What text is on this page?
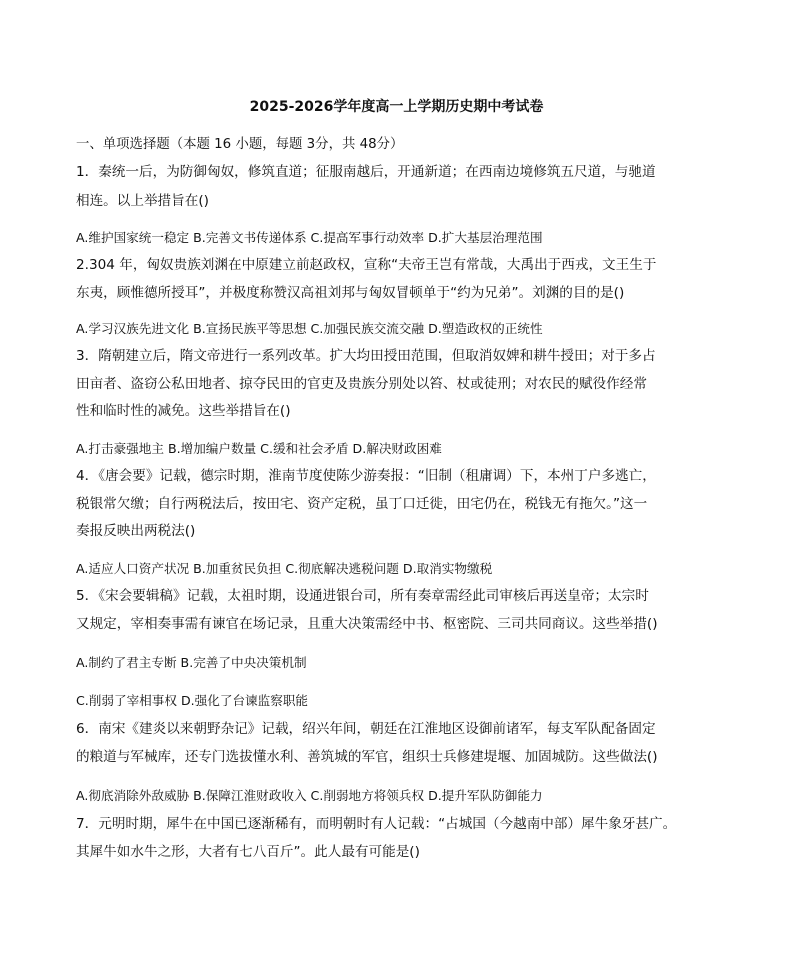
2025-2026学年度高一上学期历史期中考试卷
一、单项选择题（本题 16 小题，每题 3分，共 48分）
1．秦统一后，为防御匈奴，修筑直道；征服南越后，开通新道；在西南边境修筑五尺道，与驰道
相连。以上举措旨在()
A.维护国家统一稳定 B.完善文书传递体系 C.提高军事行动效率 D.扩大基层治理范围
2.304 年，匈奴贵族刘渊在中原建立前赵政权，宣称“夫帝王岂有常哉，大禹出于西戎，文王生于
东夷，顾惟德所授耳”，并极度称赞汉高祖刘邦与匈奴冒顿单于“约为兄弟”。刘渊的目的是()
A.学习汉族先进文化 B.宣扬民族平等思想 C.加强民族交流交融 D.塑造政权的正统性
3．隋朝建立后，隋文帝进行一系列改革。扩大均田授田范围，但取消奴婢和耕牛授田；对于多占
田亩者、盗窃公私田地者、掠夺民田的官吏及贵族分别处以笞、杖或徒刑；对农民的赋役作经常
性和临时性的减免。这些举措旨在()
A.打击豪强地主 B.增加编户数量 C.缓和社会矛盾 D.解决财政困难
4．《唐会要》记载，德宗时期，淮南节度使陈少游奏报：“旧制（租庸调）下，本州丁户多逃亡，
税银常欠缴；自行两税法后，按田宅、资产定税，虽丁口迁徙，田宅仍在，税钱无有拖欠。”这一
奏报反映出两税法()
A.适应人口资产状况 B.加重贫民负担 C.彻底解决逃税问题 D.取消实物缴税
5．《宋会要辑稿》记载，太祖时期，设通进银台司，所有奏章需经此司审核后再送皇帝；太宗时
又规定，宰相奏事需有谏官在场记录，且重大决策需经中书、枢密院、三司共同商议。这些举措()
A.制约了君主专断 B.完善了中央决策机制
C.削弱了宰相事权 D.强化了台谏监察职能
6．南宋《建炎以来朝野杂记》记载，绍兴年间，朝廷在江淮地区设御前诸军，每支军队配备固定
的粮道与军械库，还专门选拔懂水利、善筑城的军官，组织士兵修建堤堰、加固城防。这些做法()
A.彻底消除外敌威胁 B.保障江淮财政收入 C.削弱地方将领兵权 D.提升军队防御能力
7．元明时期，犀牛在中国已逐渐稀有，而明朝时有人记载：“占城国（今越南中部）犀牛象牙甚广。
其犀牛如水牛之形，大者有七八百斤”。此人最有可能是()
